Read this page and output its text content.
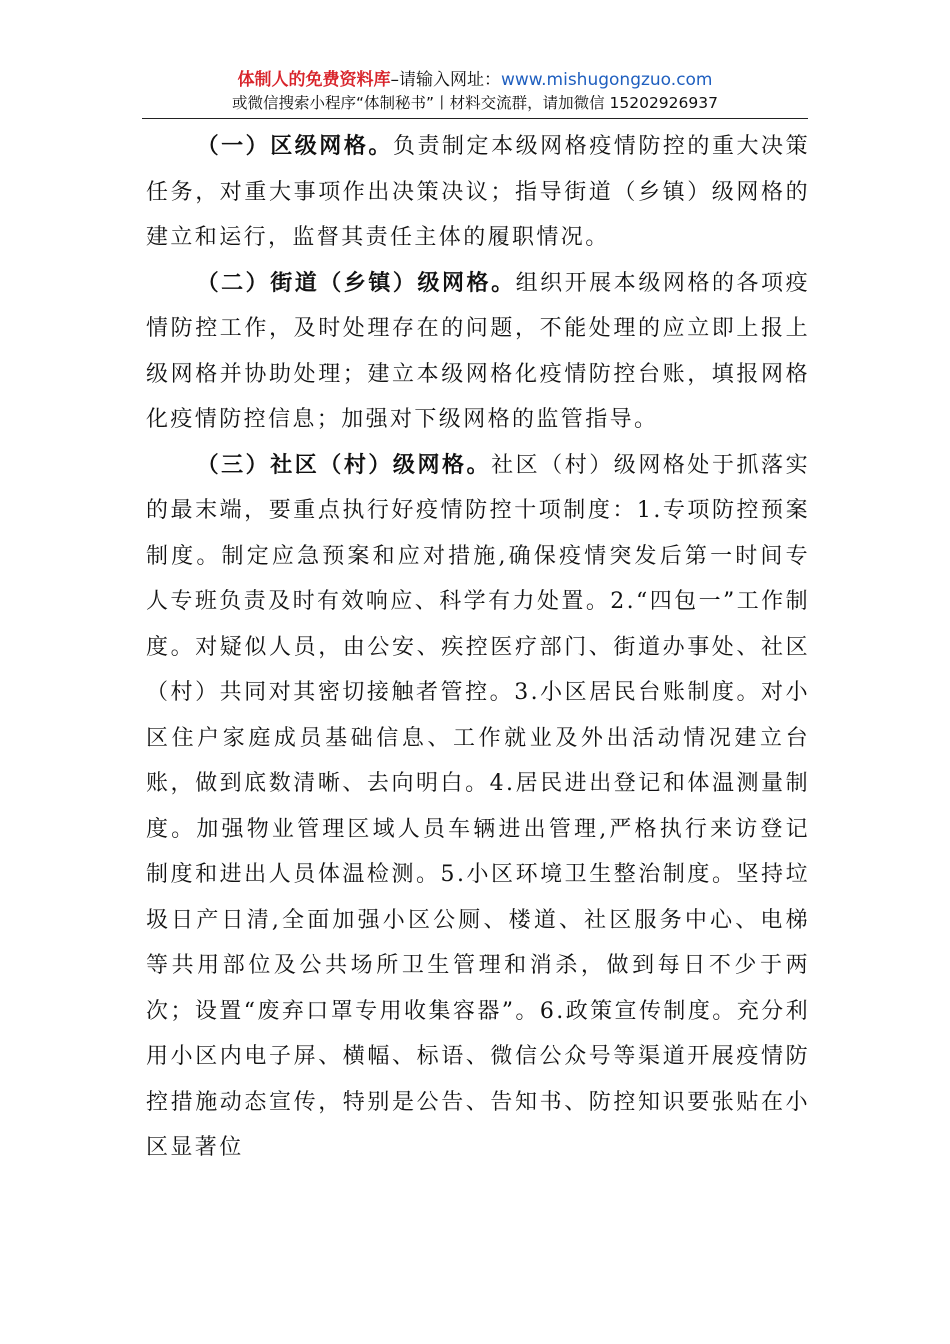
体制人的免费资料库–请输入网址：www.mishugongzuo.com
或微信搜索小程序“体制秘书”丨材料交流群，请加微信 15202926937

（一）区级网格。负责制定本级网格疫情防控的重大决策任务，对重大事项作出决策决议；指导街道（乡镇）级网格的建立和运行，监督其责任主体的履职情况。

（二）街道（乡镇）级网格。组织开展本级网格的各项疫情防控工作，及时处理存在的问题，不能处理的应立即上报上级网格并协助处理；建立本级网格化疫情防控台账，填报网格化疫情防控信息；加强对下级网格的监管指导。

（三）社区（村）级网格。社区（村）级网格处于抓落实的最末端，要重点执行好疫情防控十项制度：1.专项防控预案制度。制定应急预案和应对措施,确保疫情突发后第一时间专人专班负责及时有效响应、科学有力处置。2.“四包一”工作制度。对疑似人员，由公安、疾控医疗部门、街道办事处、社区（村）共同对其密切接触者管控。3.小区居民台账制度。对小区住户家庭成员基础信息、工作就业及外出活动情况建立台账，做到底数清晰、去向明白。4.居民进出登记和体温测量制度。加强物业管理区域人员车辆进出管理,严格执行来访登记制度和进出人员体温检测。5.小区环境卫生整治制度。坚持垃圾日产日清,全面加强小区公厕、楼道、社区服务中心、电梯等共用部位及公共场所卫生管理和消杀，做到每日不少于两次；设置“废弃口罩专用收集容器”。6.政策宣传制度。充分利用小区内电子屏、横幅、标语、微信公众号等渠道开展疫情防控措施动态宣传，特别是公告、告知书、防控知识要张贴在小区显著位
